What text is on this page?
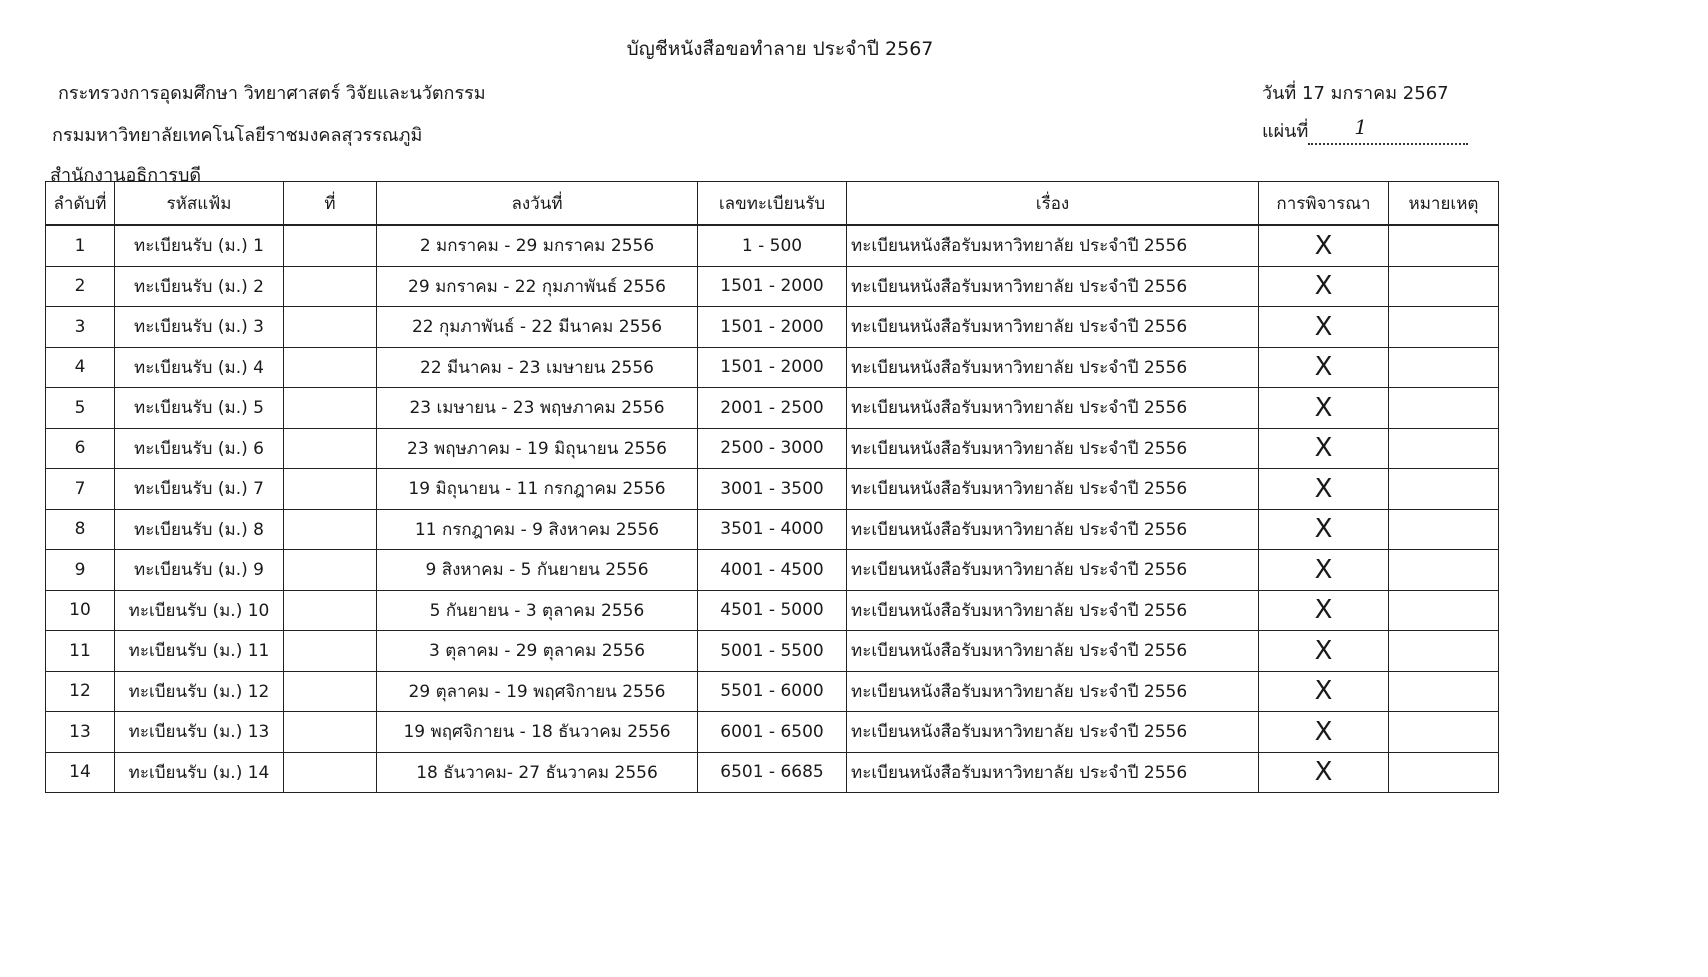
บัญชีหนังสือขอทำลาย ประจำปี 2567
กระทรวงการอุดมศึกษา วิทยาศาสตร์ วิจัยและนวัตกรรม
กรมมหาวิทยาลัยเทคโนโลยีราชมงคลสุวรรณภูมิ
สำนักงานอธิการบดี
วันที่ 17 มกราคม 2567
แผ่นที่ 1
ลำดับที่	รหัสแฟ้ม	ที่	ลงวันที่	เลขทะเบียนรับ	เรื่อง	การพิจารณา	หมายเหตุ
1	ทะเบียนรับ (ม.) 1		2 มกราคม - 29 มกราคม 2556	1 - 500	ทะเบียนหนังสือรับมหาวิทยาลัย ประจำปี 2556	X	
2	ทะเบียนรับ (ม.) 2		29 มกราคม - 22 กุมภาพันธ์ 2556	1501 - 2000	ทะเบียนหนังสือรับมหาวิทยาลัย ประจำปี 2556	X	
3	ทะเบียนรับ (ม.) 3		22 กุมภาพันธ์ - 22 มีนาคม 2556	1501 - 2000	ทะเบียนหนังสือรับมหาวิทยาลัย ประจำปี 2556	X	
4	ทะเบียนรับ (ม.) 4		22 มีนาคม - 23 เมษายน 2556	1501 - 2000	ทะเบียนหนังสือรับมหาวิทยาลัย ประจำปี 2556	X	
5	ทะเบียนรับ (ม.) 5		23 เมษายน - 23 พฤษภาคม 2556	2001 - 2500	ทะเบียนหนังสือรับมหาวิทยาลัย ประจำปี 2556	X	
6	ทะเบียนรับ (ม.) 6		23 พฤษภาคม - 19 มิถุนายน 2556	2500 - 3000	ทะเบียนหนังสือรับมหาวิทยาลัย ประจำปี 2556	X	
7	ทะเบียนรับ (ม.) 7		19 มิถุนายน - 11 กรกฎาคม 2556	3001 - 3500	ทะเบียนหนังสือรับมหาวิทยาลัย ประจำปี 2556	X	
8	ทะเบียนรับ (ม.) 8		11 กรกฎาคม - 9 สิงหาคม 2556	3501 - 4000	ทะเบียนหนังสือรับมหาวิทยาลัย ประจำปี 2556	X	
9	ทะเบียนรับ (ม.) 9		9 สิงหาคม - 5 กันยายน 2556	4001 - 4500	ทะเบียนหนังสือรับมหาวิทยาลัย ประจำปี 2556	X	
10	ทะเบียนรับ (ม.) 10		5 กันยายน - 3 ตุลาคม 2556	4501 - 5000	ทะเบียนหนังสือรับมหาวิทยาลัย ประจำปี 2556	X	
11	ทะเบียนรับ (ม.) 11		3 ตุลาคม - 29 ตุลาคม 2556	5001 - 5500	ทะเบียนหนังสือรับมหาวิทยาลัย ประจำปี 2556	X	
12	ทะเบียนรับ (ม.) 12		29 ตุลาคม - 19 พฤศจิกายน 2556	5501 - 6000	ทะเบียนหนังสือรับมหาวิทยาลัย ประจำปี 2556	X	
13	ทะเบียนรับ (ม.) 13		19 พฤศจิกายน - 18 ธันวาคม 2556	6001 - 6500	ทะเบียนหนังสือรับมหาวิทยาลัย ประจำปี 2556	X	
14	ทะเบียนรับ (ม.) 14		18 ธันวาคม- 27 ธันวาคม 2556	6501 - 6685	ทะเบียนหนังสือรับมหาวิทยาลัย ประจำปี 2556	X	
